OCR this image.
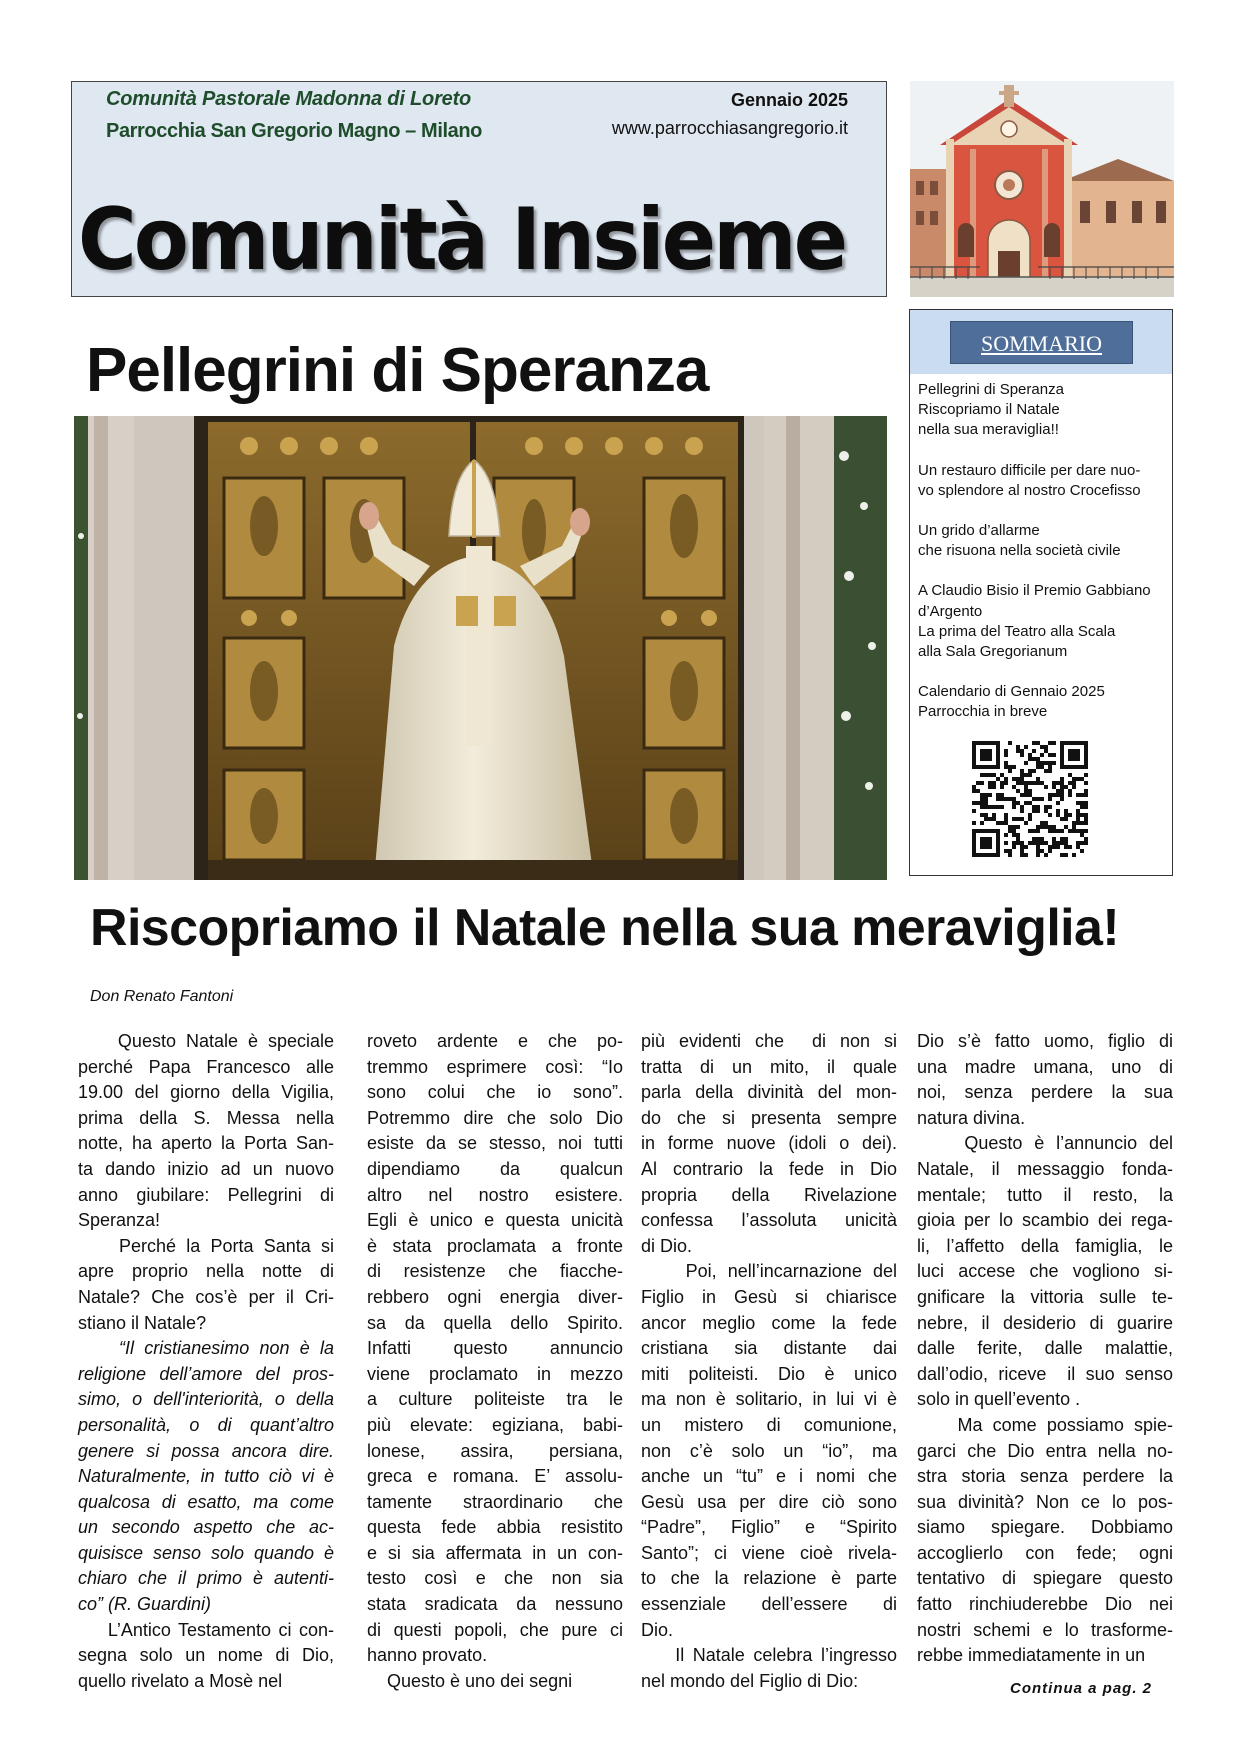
Comunità Pastorale Madonna di Loreto
Parrocchia San Gregorio Magno – Milano
Gennaio 2025
www.parrocchiasangregorio.it
Comunità Insieme
Pellegrini di Speranza	SOMMARIO
Pellegrini di Speranza
Riscopriamo il Natale
nella sua meraviglia!!
Un restauro difficile per dare nuo-
vo splendore al nostro Crocefisso
Un grido d’allarme
che risuona nella società civile
A Claudio Bisio il Premio Gabbiano
d’Argento
La prima del Teatro alla Scala
alla Sala Gregorianum
Calendario di Gennaio 2025
Parrocchia in breve
Riscopriamo il Natale nella sua meraviglia!
Don Renato Fantoni
Questo Natale è speciale
perché Papa Francesco alle
19.00 del giorno della Vigilia,
prima della S. Messa nella
notte, ha aperto la Porta San-
ta dando inizio ad un nuovo
anno giubilare: Pellegrini di
Speranza!
Perché la Porta Santa si
apre proprio nella notte di
Natale? Che cos’è per il Cri-
stiano il Natale?
“Il cristianesimo non è la
religione dell’amore del pros-
simo, o dell'interiorità, o della
personalità, o di quant’altro
genere si possa ancora dire.
Naturalmente, in tutto ciò vi è
qualcosa di esatto, ma come
un secondo aspetto che ac-
quisisce senso solo quando è
chiaro che il primo è autenti-
co” (R. Guardini)
L’Antico Testamento ci con-
segna solo un nome di Dio,
quello rivelato a Mosè nel
roveto ardente e che po-
tremmo esprimere così: “Io
sono colui che io sono”.
Potremmo dire che solo Dio
esiste da se stesso, noi tutti
dipendiamo da qualcun
altro nel nostro esistere.
Egli è unico e questa unicità
è stata proclamata a fronte
di resistenze che fiacche-
rebbero ogni energia diver-
sa da quella dello Spirito.
Infatti questo annuncio
viene proclamato in mezzo
a culture politeiste tra le
più elevate: egiziana, babi-
lonese, assira, persiana,
greca e romana. E’ assolu-
tamente straordinario che
questa fede abbia resistito
e si sia affermata in un con-
testo così e che non sia
stata sradicata da nessuno
di questi popoli, che pure ci
hanno provato.
Questo è uno dei segni
più evidenti che  di non si
tratta di un mito, il quale
parla della divinità del mon-
do che si presenta sempre
in forme nuove (idoli o dei).
Al contrario la fede in Dio
propria della Rivelazione
confessa l’assoluta unicità
di Dio.
Poi, nell’incarnazione del
Figlio in Gesù si chiarisce
ancor meglio come la fede
cristiana sia distante dai
miti politeisti. Dio è unico
ma non è solitario, in lui vi è
un mistero di comunione,
non c’è solo un “io”, ma
anche un “tu” e i nomi che
Gesù usa per dire ciò sono
“Padre”, Figlio” e “Spirito
Santo”; ci viene cioè rivela-
to che la relazione è parte
essenziale dell’essere di
Dio.
Il Natale celebra l’ingresso
nel mondo del Figlio di Dio:
Dio s’è fatto uomo, figlio di
una madre umana, uno di
noi, senza perdere la sua
natura divina.
Questo è l’annuncio del
Natale, il messaggio fonda-
mentale; tutto il resto, la
gioia per lo scambio dei rega-
li, l’affetto della famiglia, le
luci accese che vogliono si-
gnificare la vittoria sulle te-
nebre, il desiderio di guarire
dalle ferite, dalle malattie,
dall’odio, riceve  il suo senso
solo in quell’evento .
Ma come possiamo spie-
garci che Dio entra nella no-
stra storia senza perdere la
sua divinità? Non ce lo pos-
siamo spiegare. Dobbiamo
accoglierlo con fede; ogni
tentativo di spiegare questo
fatto rinchiuderebbe Dio nei
nostri schemi e lo trasforme-
rebbe immediatamente in un
Continua a pag. 2
